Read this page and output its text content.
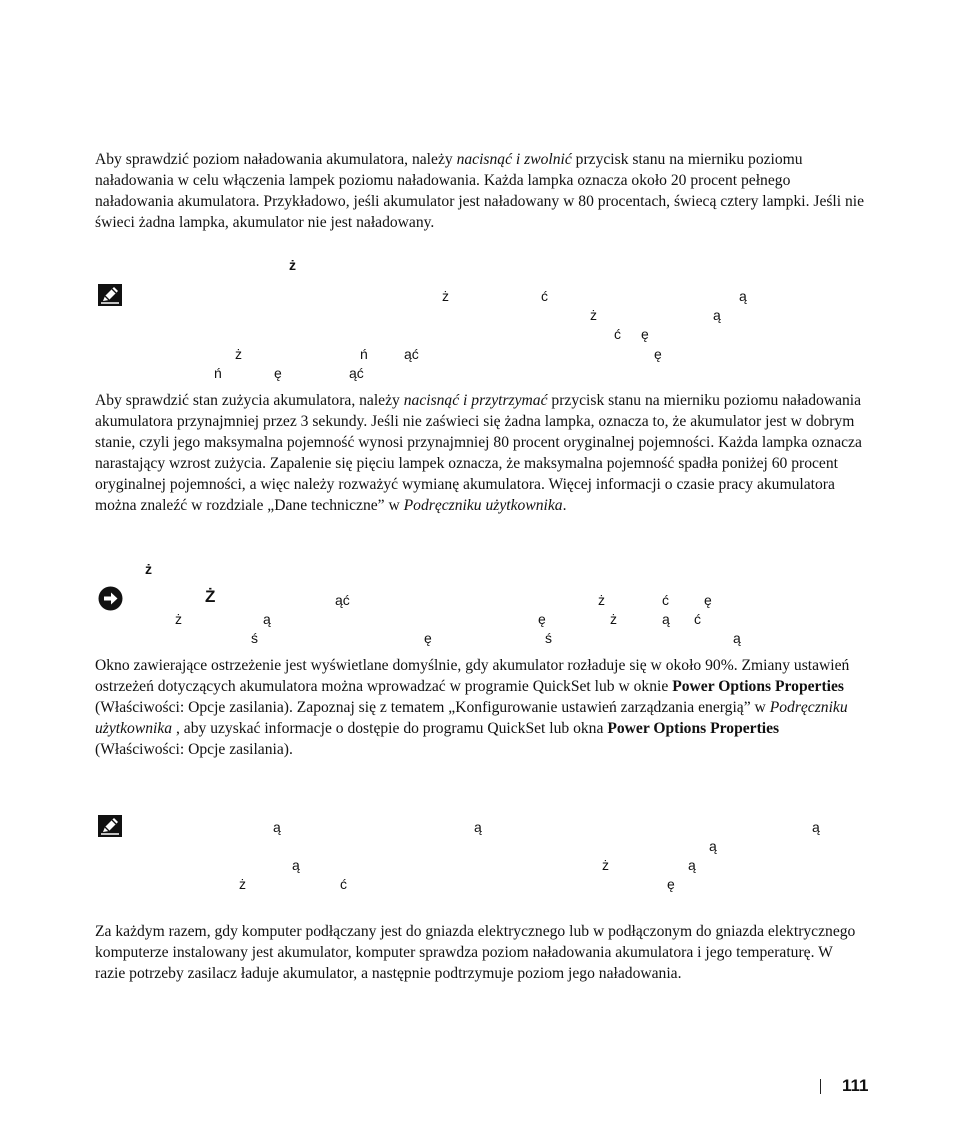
Aby sprawdzić poziom naładowania akumulatora, należy nacisnąć i zwolnić przycisk stanu na mierniku poziomu naładowania w celu włączenia lampek poziomu naładowania. Każda lampka oznacza około 20 procent pełnego naładowania akumulatora. Przykładowo, jeśli akumulator jest naładowany w 80 procentach, świecą cztery lampki. Jeśli nie świeci żadna lampka, akumulator nie jest naładowany.

ż
ż	ć	ą
ż	ą
ć ę
ż	ń	ąć	ę
ń	ę	ąć

Aby sprawdzić stan zużycia akumulatora, należy nacisnąć i przytrzymać przycisk stanu na mierniku poziomu naładowania akumulatora przynajmniej przez 3 sekundy. Jeśli nie zaświeci się żadna lampka, oznacza to, że akumulator jest w dobrym stanie, czyli jego maksymalna pojemność wynosi przynajmniej 80 procent oryginalnej pojemności. Każda lampka oznacza narastający wzrost zużycia. Zapalenie się pięciu lampek oznacza, że maksymalna pojemność spadła poniżej 60 procent oryginalnej pojemności, a więc należy rozważyć wymianę akumulatora. Więcej informacji o czasie pracy akumulatora można znaleźć w rozdziale „Dane techniczne” w Podręczniku użytkownika.

ż
Ż	ąć	ż	ć	ę
ż	ą	ę	ż	ą ć
ś	ę	ś	ą

Okno zawierające ostrzeżenie jest wyświetlane domyślnie, gdy akumulator rozładuje się w około 90%. Zmiany ustawień ostrzeżeń dotyczących akumulatora można wprowadzać w programie QuickSet lub w oknie Power Options Properties (Właściwości: Opcje zasilania). Zapoznaj się z tematem „Konfigurowanie ustawień zarządzania energią” w Podręczniku użytkownika , aby uzyskać informacje o dostępie do programu QuickSet lub okna Power Options Properties (Właściwości: Opcje zasilania).

ą	ą	ą
ą
ą	ż	ą
ż	ć	ę

Za każdym razem, gdy komputer podłączany jest do gniazda elektrycznego lub w podłączonym do gniazda elektrycznego komputerze instalowany jest akumulator, komputer sprawdza poziom naładowania akumulatora i jego temperaturę. W razie potrzeby zasilacz ładuje akumulator, a następnie podtrzymuje poziom jego naładowania.

111
